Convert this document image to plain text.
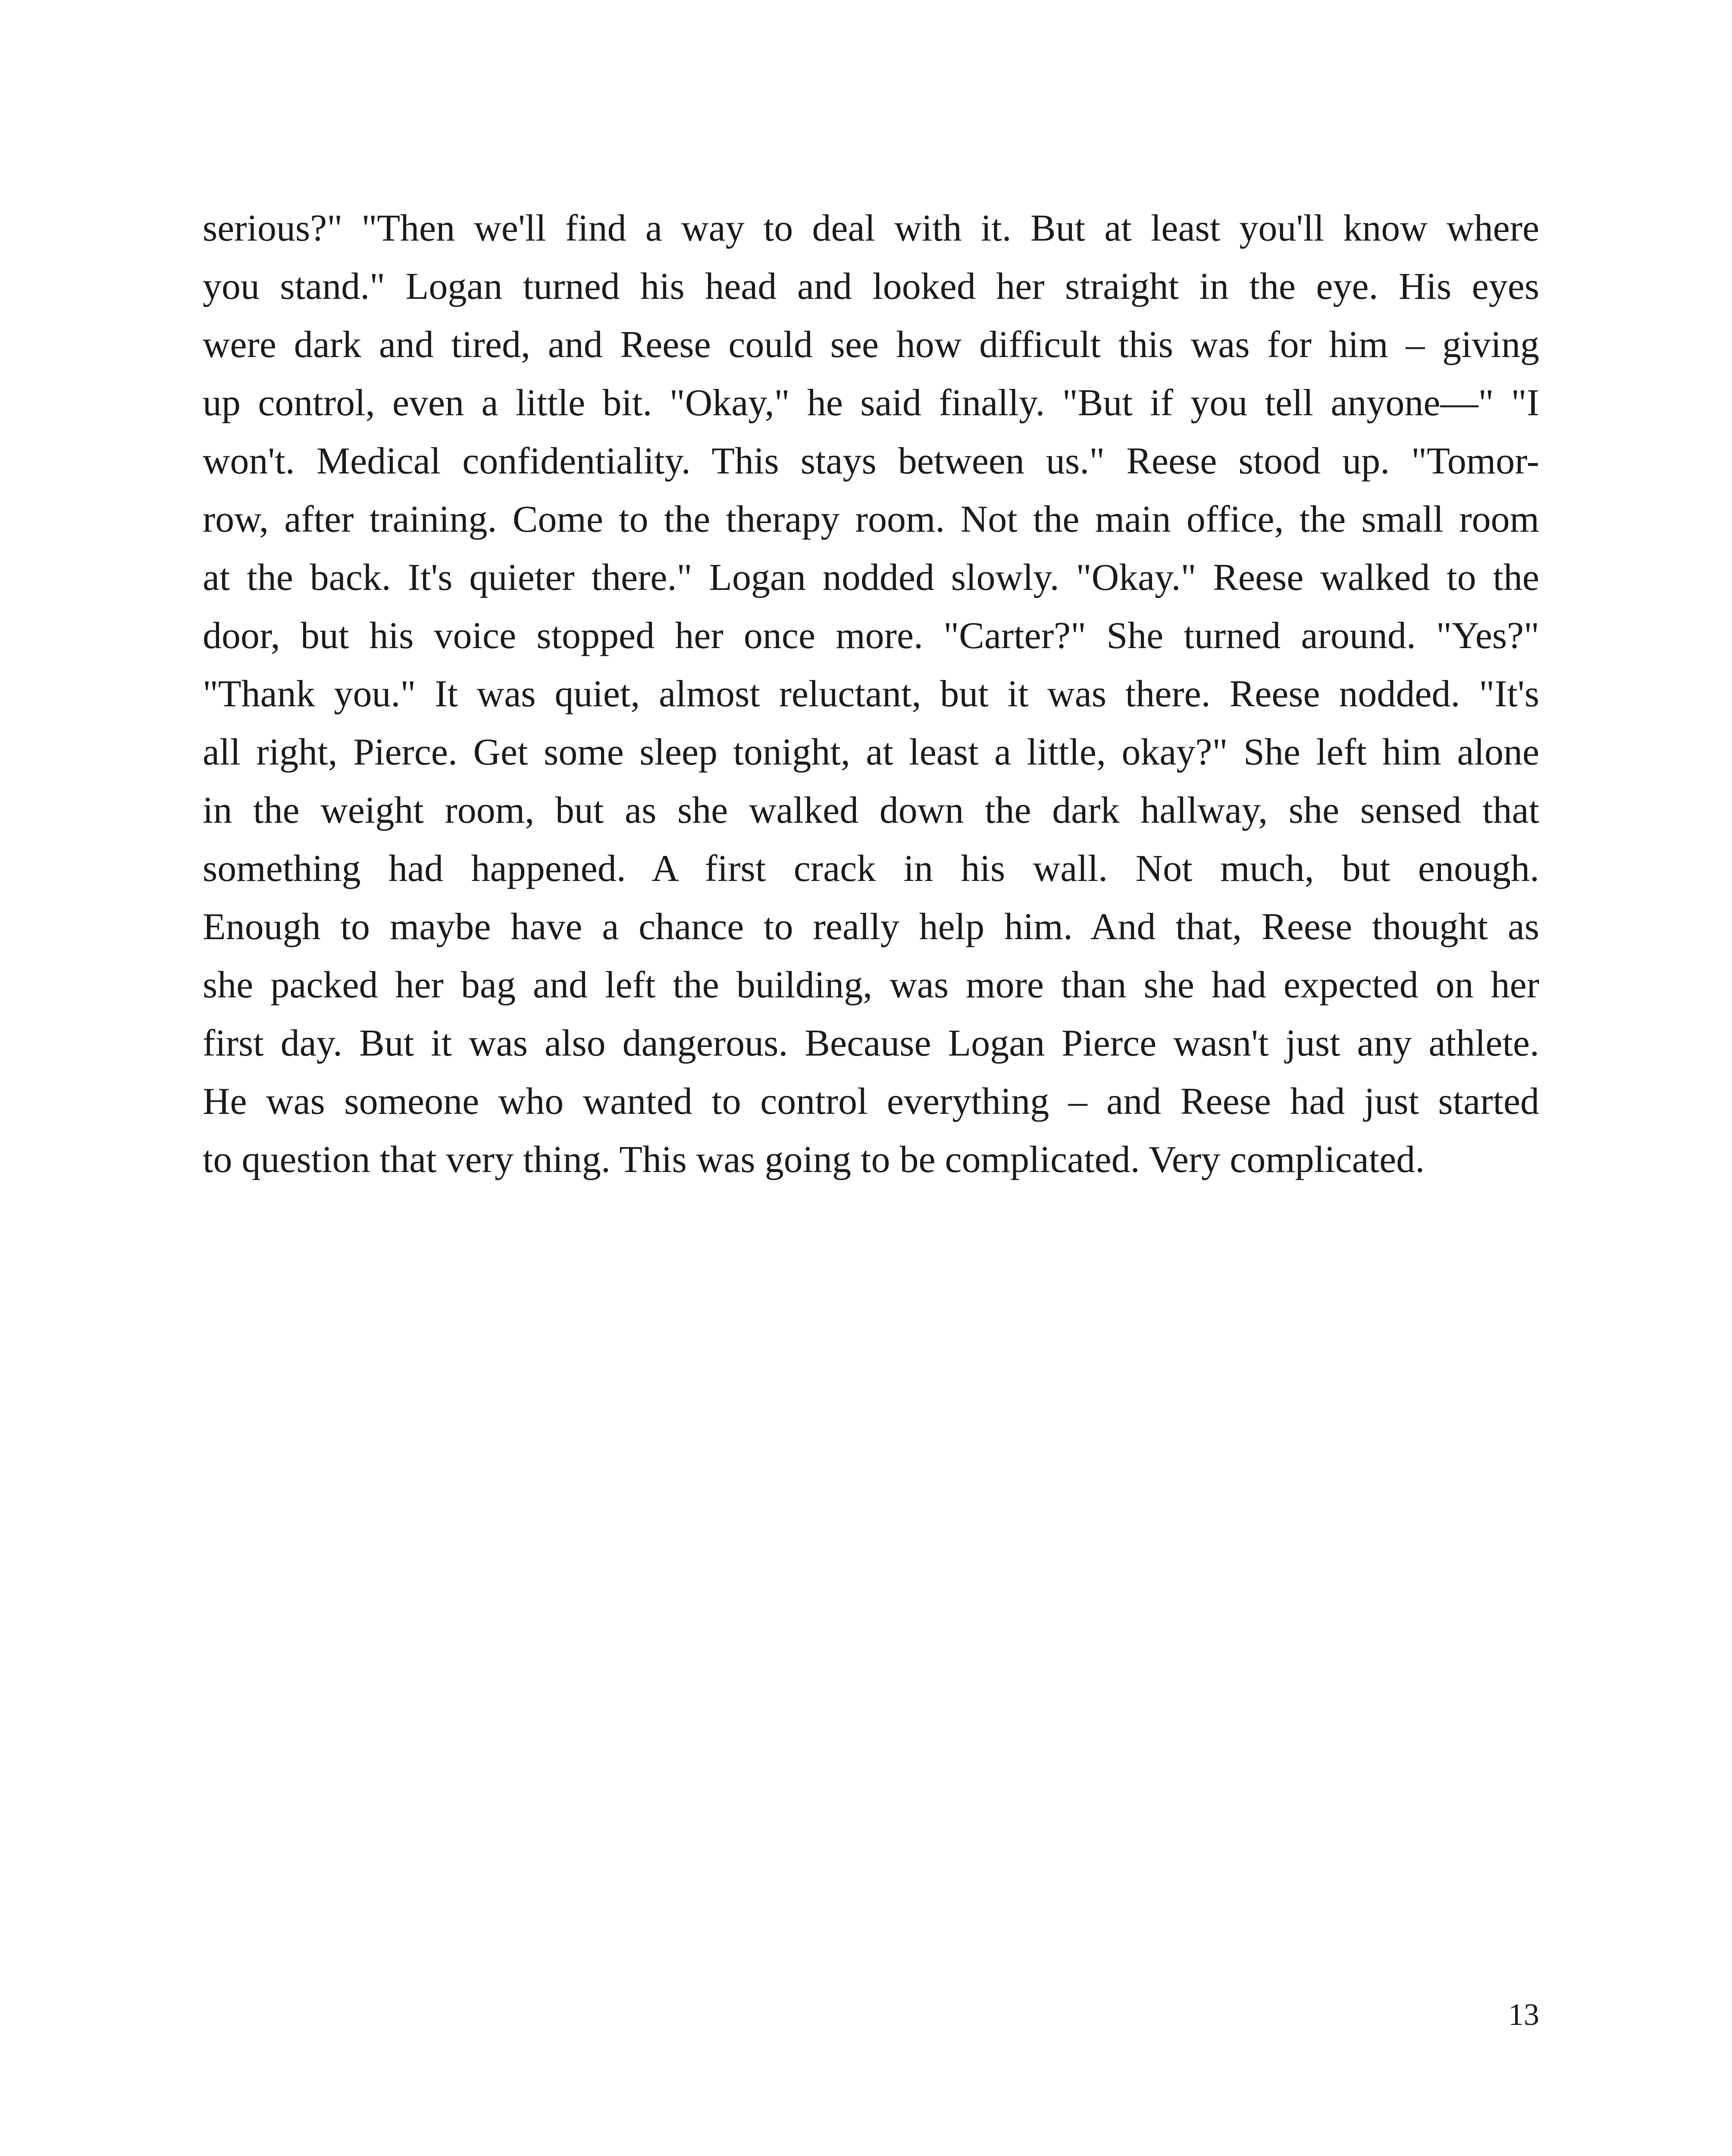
serious?" "Then we'll find a way to deal with it. But at least you'll know where
you stand." Logan turned his head and looked her straight in the eye. His eyes
were dark and tired, and Reese could see how difficult this was for him – giving
up control, even a little bit. "Okay," he said finally. "But if you tell anyone—" "I
won't. Medical confidentiality. This stays between us." Reese stood up. "Tomor-
row, after training. Come to the therapy room. Not the main office, the small room
at the back. It's quieter there." Logan nodded slowly. "Okay." Reese walked to the
door, but his voice stopped her once more. "Carter?" She turned around. "Yes?"
"Thank you." It was quiet, almost reluctant, but it was there. Reese nodded. "It's
all right, Pierce. Get some sleep tonight, at least a little, okay?" She left him alone
in the weight room, but as she walked down the dark hallway, she sensed that
something had happened. A first crack in his wall. Not much, but enough.
Enough to maybe have a chance to really help him. And that, Reese thought as
she packed her bag and left the building, was more than she had expected on her
first day. But it was also dangerous. Because Logan Pierce wasn't just any athlete.
He was someone who wanted to control everything – and Reese had just started
to question that very thing. This was going to be complicated. Very complicated.
13
